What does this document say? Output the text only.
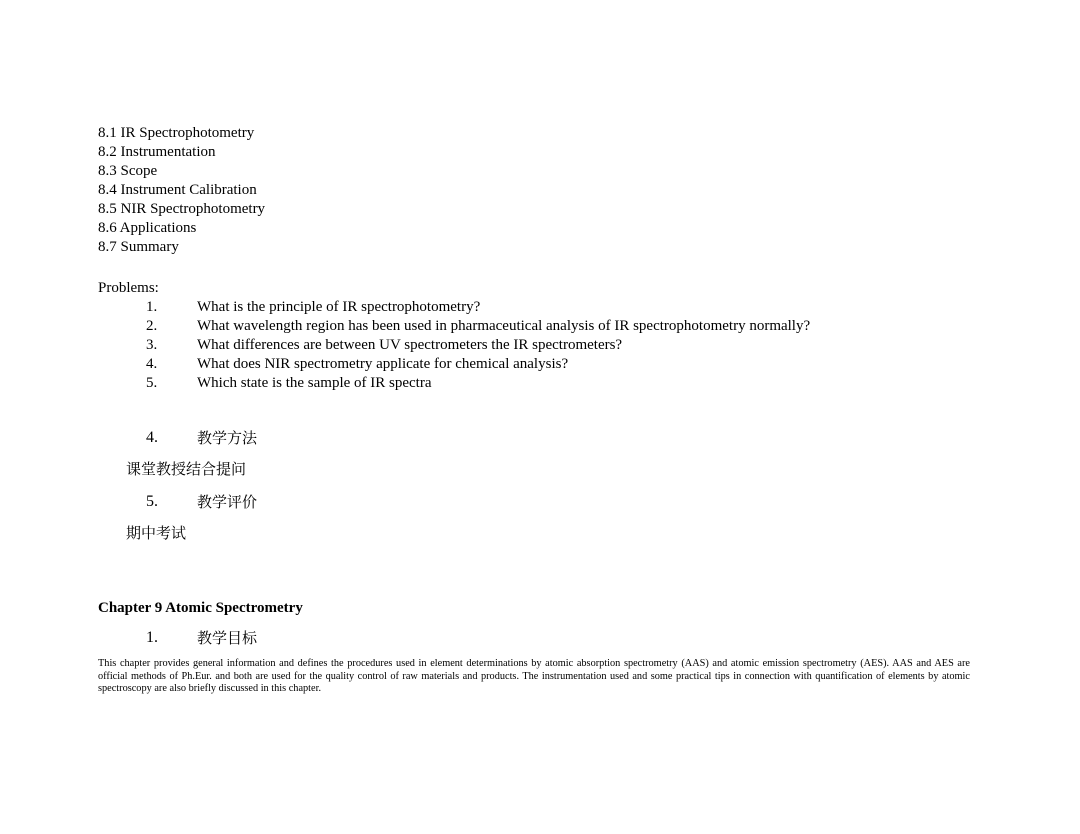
8.1 IR Spectrophotometry
8.2 Instrumentation
8.3 Scope
8.4 Instrument Calibration
8.5 NIR Spectrophotometry
8.6 Applications
8.7 Summary
Problems:
1.	What is the principle of IR spectrophotometry?
2.	What wavelength region has been used in pharmaceutical analysis of IR spectrophotometry normally?
3.	What differences are between UV spectrometers the IR spectrometers?
4.	What does NIR spectrometry applicate for chemical analysis?
5.	Which state is the sample of IR spectra
4.	教学方法
课堂教授结合提问
5.	教学评价
期中考试
Chapter 9 Atomic Spectrometry
1.	教学目标
This chapter provides general information and defines the procedures used in element determinations by atomic absorption spectrometry (AAS) and atomic emission spectrometry (AES). AAS and AES are official methods of Ph.Eur. and both are used for the quality control of raw materials and products. The instrumentation used and some practical tips in connection with quantification of elements by atomic spectroscopy are also briefly discussed in this chapter.
